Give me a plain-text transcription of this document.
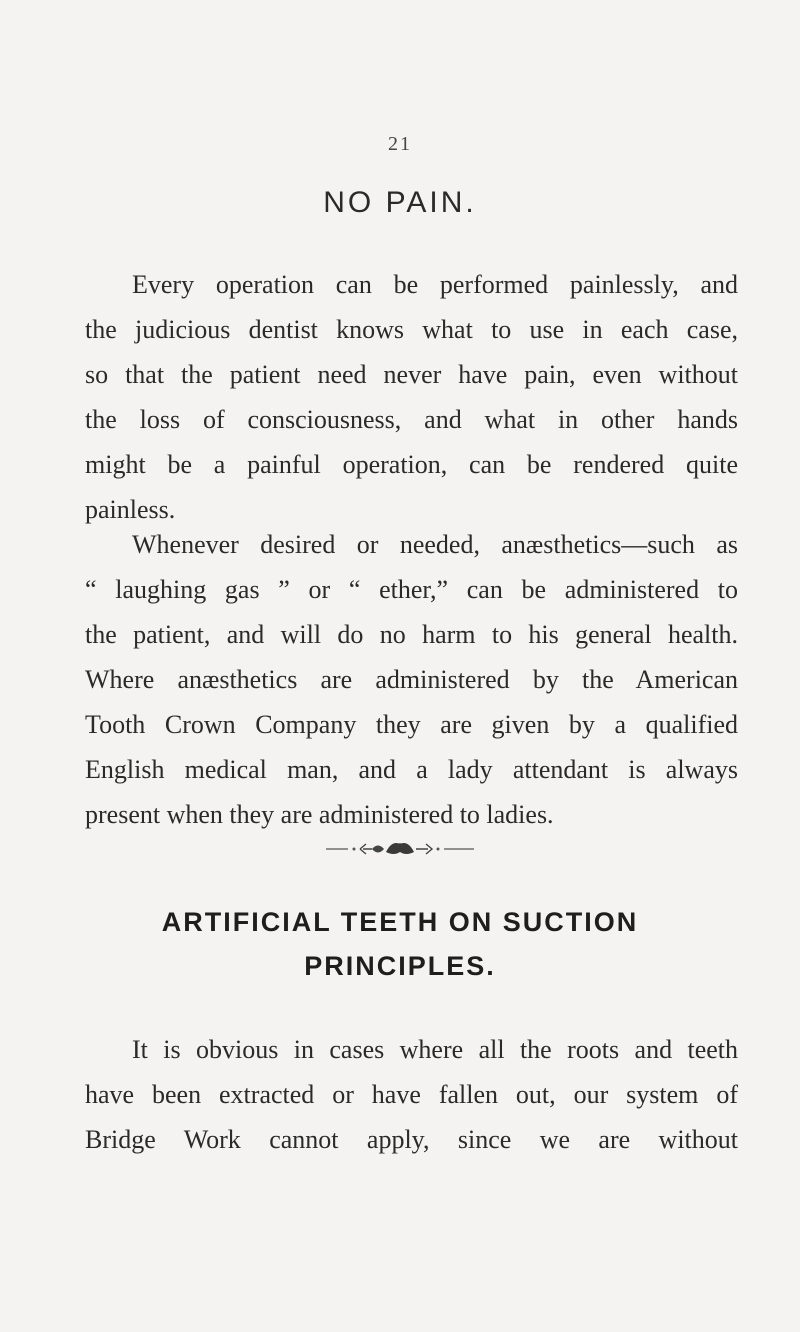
21
NO PAIN.
Every operation can be performed painlessly, and
the judicious dentist knows what to use in each case,
so that the patient need never have pain, even without
the loss of consciousness, and what in other hands
might be a painful operation, can be rendered quite
painless.
Whenever desired or needed, anæsthetics—such as
“ laughing gas ” or “ ether,” can be administered to
the patient, and will do no harm to his general health.
Where anæsthetics are administered by the American
Tooth Crown Company they are given by a qualified
English medical man, and a lady attendant is always
present when they are administered to ladies.
ARTIFICIAL TEETH ON SUCTION
PRINCIPLES.
It is obvious in cases where all the roots and teeth
have been extracted or have fallen out, our system of
Bridge Work cannot apply, since we are without
